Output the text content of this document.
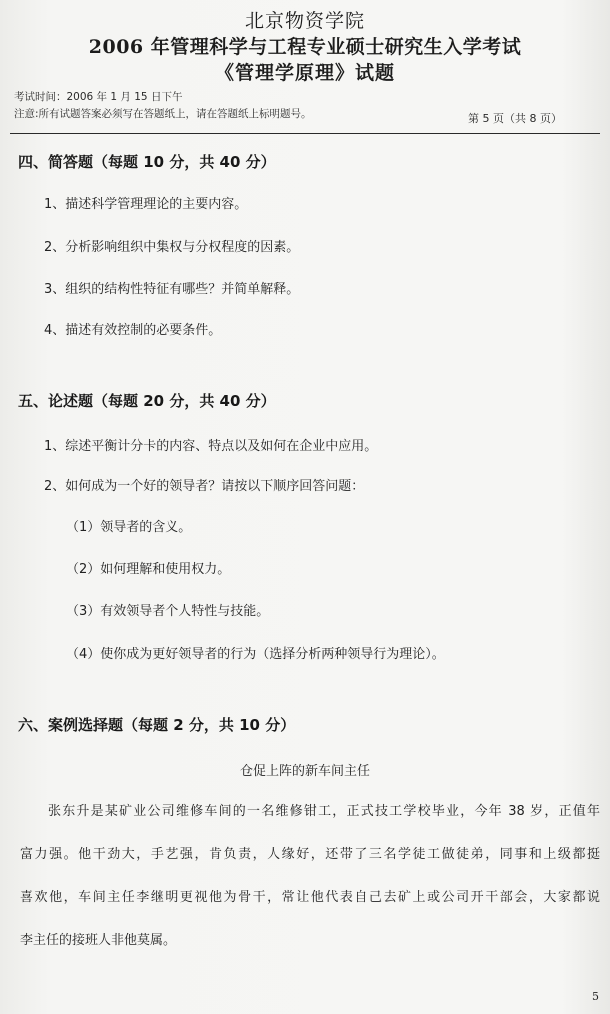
北京物资学院
2006 年管理科学与工程专业硕士研究生入学考试
《管理学原理》试题
考试时间：2006 年 1 月 15 日下午
注意:所有试题答案必须写在答题纸上，请在答题纸上标明题号。	第 5 页（共 8 页）
四、简答题（每题 10 分，共 40 分）
1、描述科学管理理论的主要内容。
2、分析影响组织中集权与分权程度的因素。
3、组织的结构性特征有哪些？并简单解释。
4、描述有效控制的必要条件。
五、论述题（每题 20 分，共 40 分）
1、综述平衡计分卡的内容、特点以及如何在企业中应用。
2、如何成为一个好的领导者？请按以下顺序回答问题：
（1）领导者的含义。
（2）如何理解和使用权力。
（3）有效领导者个人特性与技能。
（4）使你成为更好领导者的行为（选择分析两种领导行为理论）。
六、案例选择题（每题 2 分，共 10 分）
仓促上阵的新车间主任
张东升是某矿业公司维修车间的一名维修钳工，正式技工学校毕业，今年 38 岁，正值年
富力强。他干劲大，手艺强，肯负责，人缘好，还带了三名学徒工做徒弟，同事和上级都挺
喜欢他，车间主任李继明更视他为骨干，常让他代表自己去矿上或公司开干部会，大家都说
李主任的接班人非他莫属。
5
